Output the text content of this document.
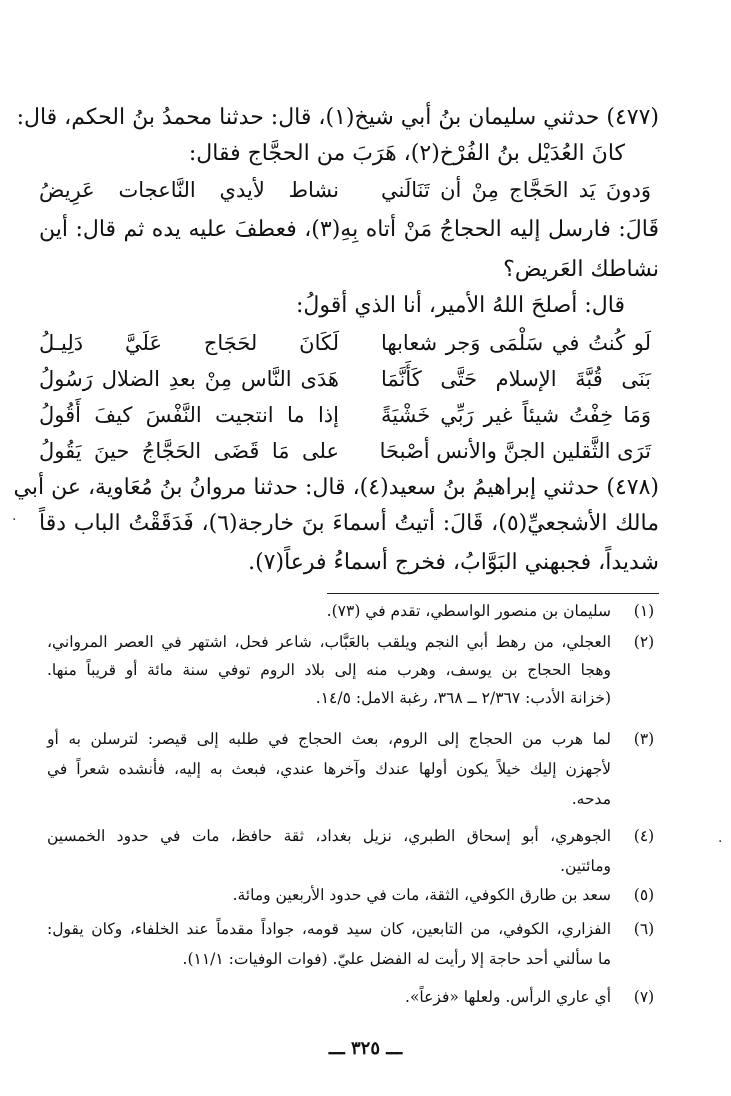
(٤٧٧) حدثني سليمان بنُ أبي شيخ(١)، قال: حدثنا محمدُ بنُ الحكم، قال:
كانَ العُدَيْل بنُ الفُرْخ(٢)، هَرَبَ من الحجَّاج فقال:
وَدونَ يَد الحَجَّاج مِنْ أن تَنَالَني
نشاط لأيدي النَّاعجات عَرِيضُ
قَالَ: فارسل إليه الحجاجُ مَنْ أتاه بِهِ(٣)، فعطفَ عليه يده ثم قال: أين
نشاطك العَريض؟
قال: أصلحَ اللهُ الأمير، أنا الذي أقولُ:
لَو كُنتُ في سَلْمَى وَجر شعابها
لَكَانَ لحَجَاج عَلَيَّ دَلِيـلُ
بَنَى قُبَّةَ الإسلام حَتَّى كَأَنَّمَا
هَدَى النَّاس مِنْ بعدِ الضلال رَسُولُ
وَمَا خِفْتُ شيئاً غير رَبِّي خَشْيَةً
إذا ما انتجيت النَّفْسَ كيفَ أَقُولُ
تَرَى الثَّقلين الجنَّ والأنس أصْبحَا
على مَا قَضَى الحَجَّاجُ حينَ يَقُولُ
(٤٧٨) حدثني إبراهيمُ بنُ سعيد(٤)، قال: حدثنا مروانُ بنُ مُعَاوية، عن أبي
مالك الأشجعيِّ(٥)، قَالَ: أتيتُ أسماءَ بنَ خارجة(٦)، فَدَقَقْتُ الباب دقاً
شديداً، فجبهني البَوَّابُ، فخرج أسماءُ فرعاً(٧).
(١)
سليمان بن منصور الواسطي، تقدم في (٧٣).
(٢)
العجلي، من رهط أبي النجم ويلقب بالعَبَّاب، شاعر فحل، اشتهر في العصر المرواني،
وهجا الحجاج بن يوسف، وهرب منه إلى بلاد الروم توفي سنة مائة أو قريباً منها.
(خزانة الأدب: ٢/٣٦٧ ــ ٣٦٨، رغبة الامل: ١٤/٥.
(٣)
لما هرب من الحجاج إلى الروم، بعث الحجاج في طلبه إلى قيصر: لترسلن به أو
لأجهزن إليك خيلاً يكون أولها عندك وآخرها عندي، فبعث به إليه، فأنشده شعراً في
مدحه.
(٤)
الجوهري، أبو إسحاق الطبري، نزيل بغداد، ثقة حافظ، مات في حدود الخمسين
ومائتين.
(٥)
سعد بن طارق الكوفي، الثقة، مات في حدود الأربعين ومائة.
(٦)
الفزاري، الكوفي، من التابعين، كان سيد قومه، جواداً مقدماً عند الخلفاء، وكان يقول:
ما سألني أحد حاجة إلا رأيت له الفضل عليّ. (فوات الوفيات: ١١/١).
(٧)
أي عاري الرأس. ولعلها «فزعاً».
ـــ ٣٢٥ ـــ
·
·
